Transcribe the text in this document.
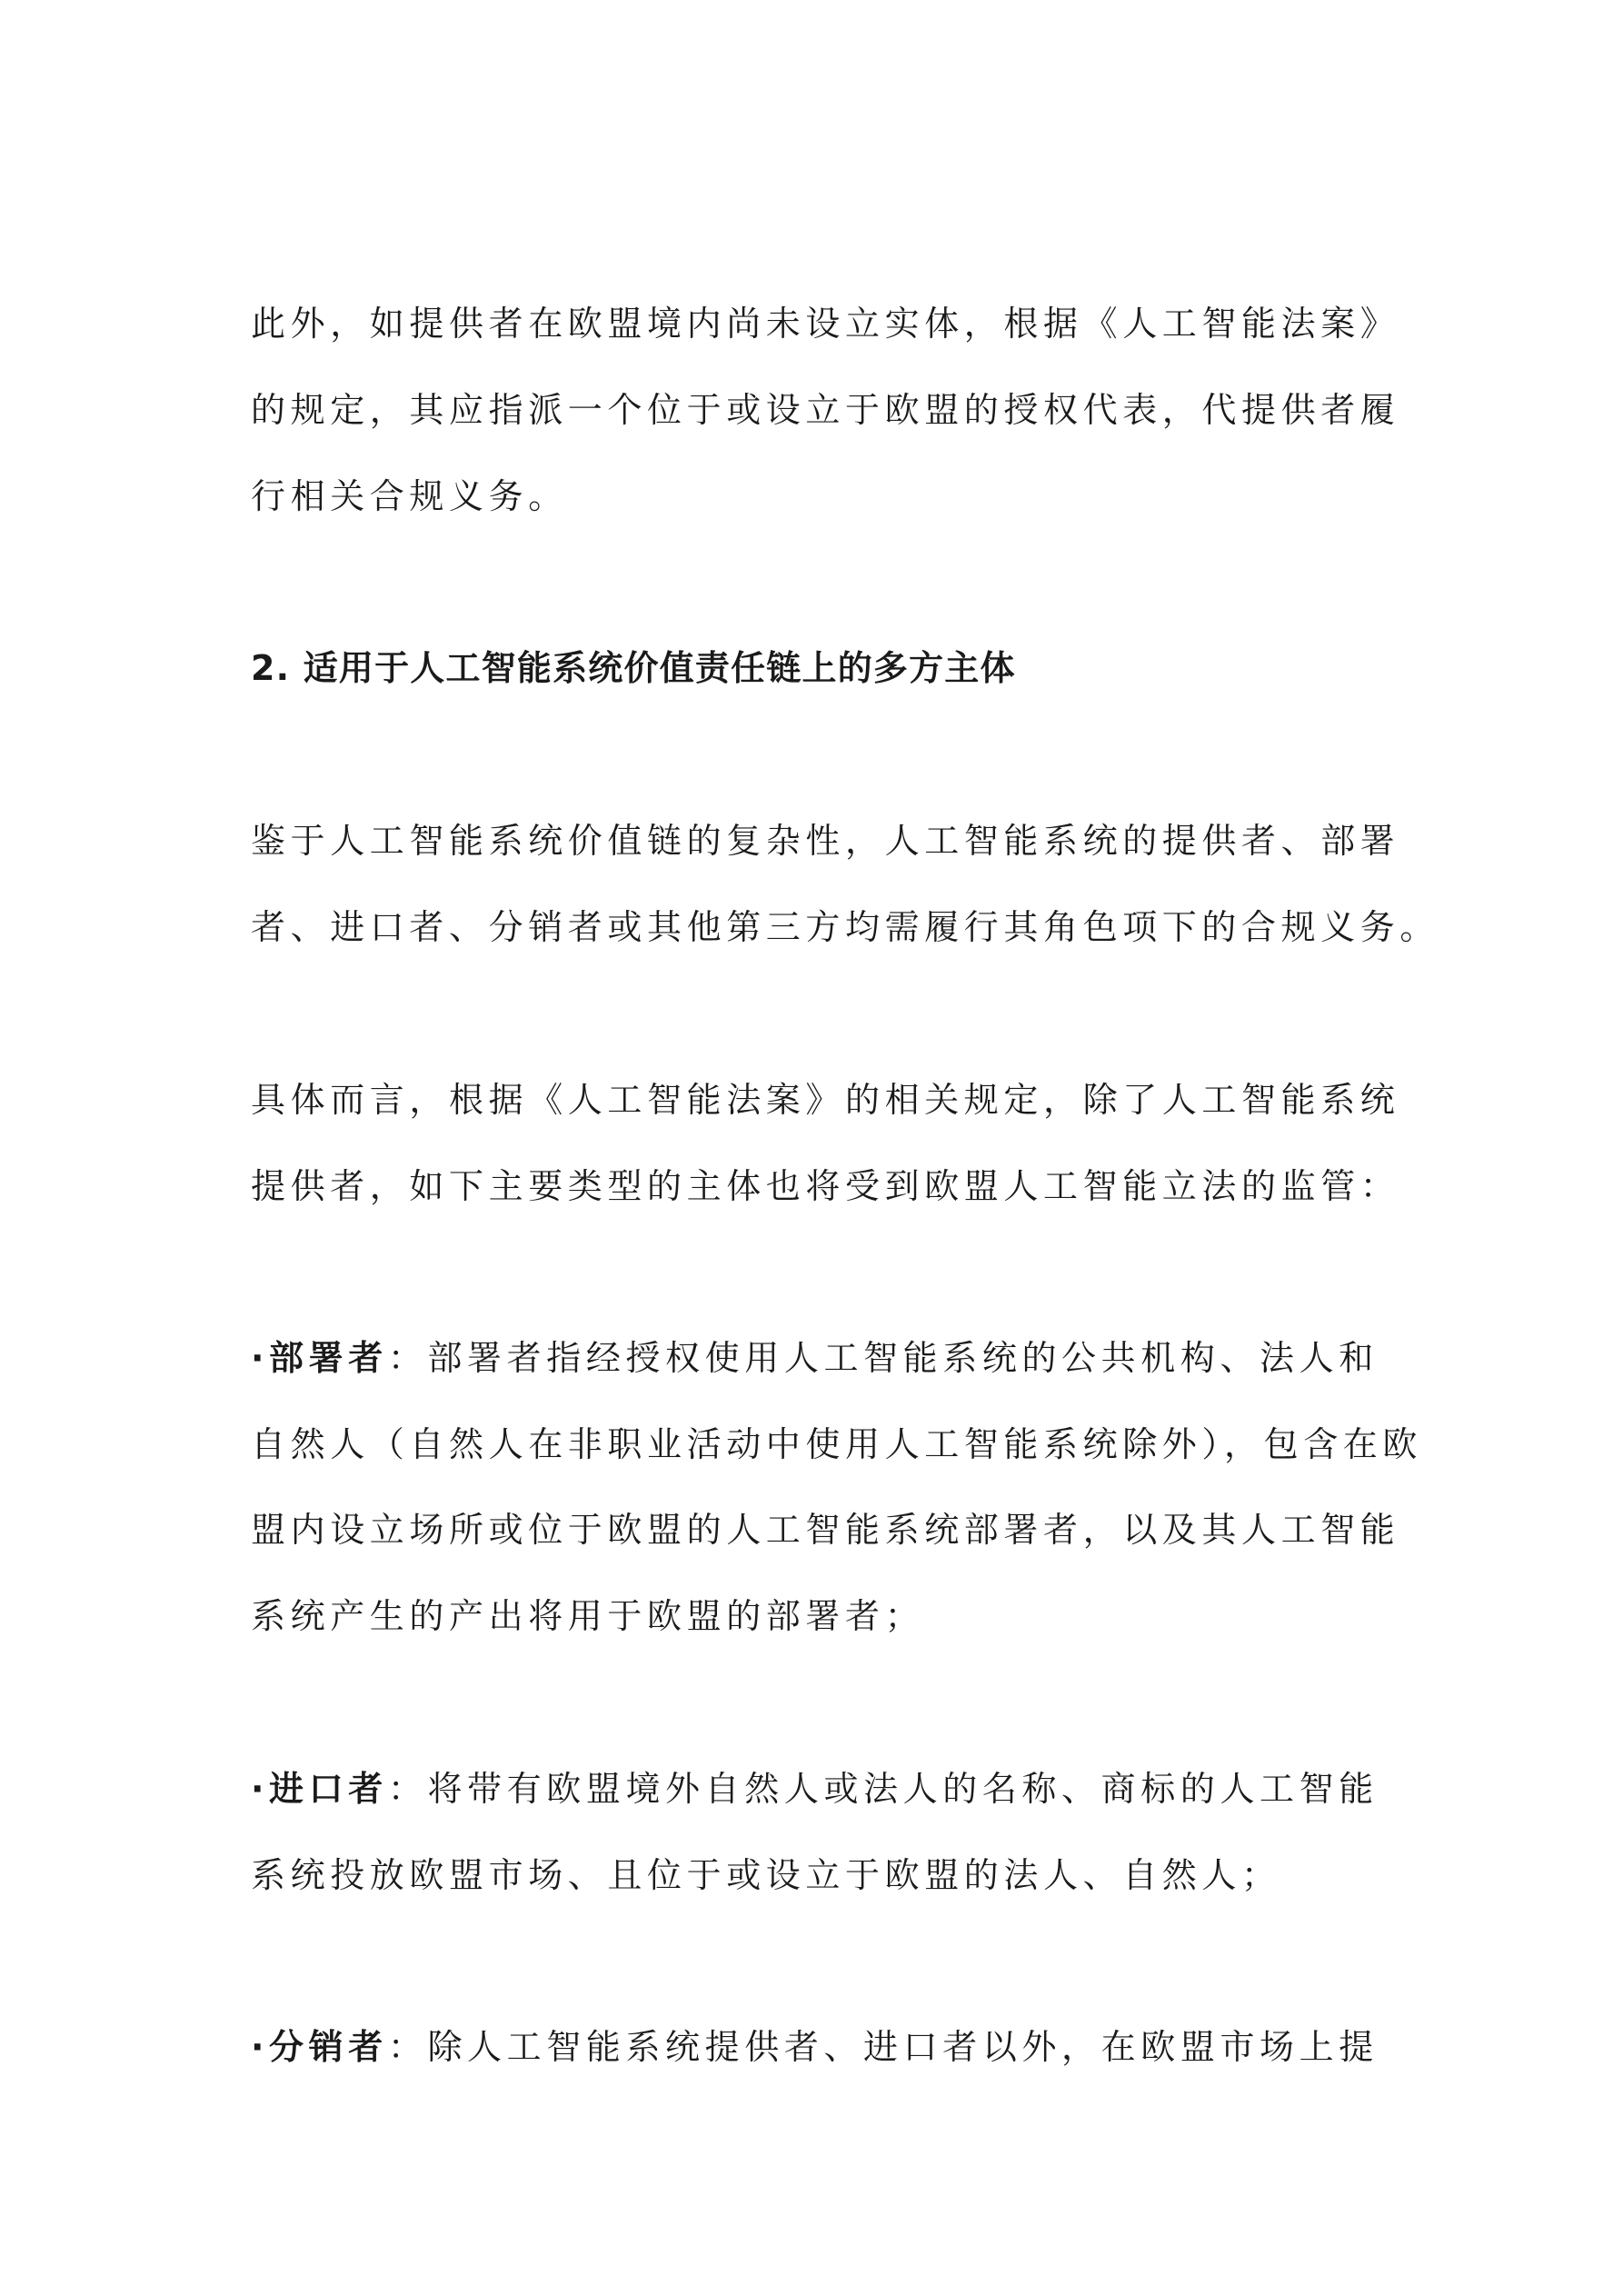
此外，如提供者在欧盟境内尚未设立实体，根据《人工智能法案》
的规定，其应指派一个位于或设立于欧盟的授权代表，代提供者履
行相关合规义务。
2. 适用于人工智能系统价值责任链上的多方主体
鉴于人工智能系统价值链的复杂性，人工智能系统的提供者、部署
者、进口者、分销者或其他第三方均需履行其角色项下的合规义务。
具体而言，根据《人工智能法案》的相关规定，除了人工智能系统
提供者，如下主要类型的主体也将受到欧盟人工智能立法的监管：
·部署者：部署者指经授权使用人工智能系统的公共机构、法人和
自然人（自然人在非职业活动中使用人工智能系统除外），包含在欧
盟内设立场所或位于欧盟的人工智能系统部署者，以及其人工智能
系统产生的产出将用于欧盟的部署者；
·进口者：将带有欧盟境外自然人或法人的名称、商标的人工智能
系统投放欧盟市场、且位于或设立于欧盟的法人、自然人；
·分销者：除人工智能系统提供者、进口者以外，在欧盟市场上提
